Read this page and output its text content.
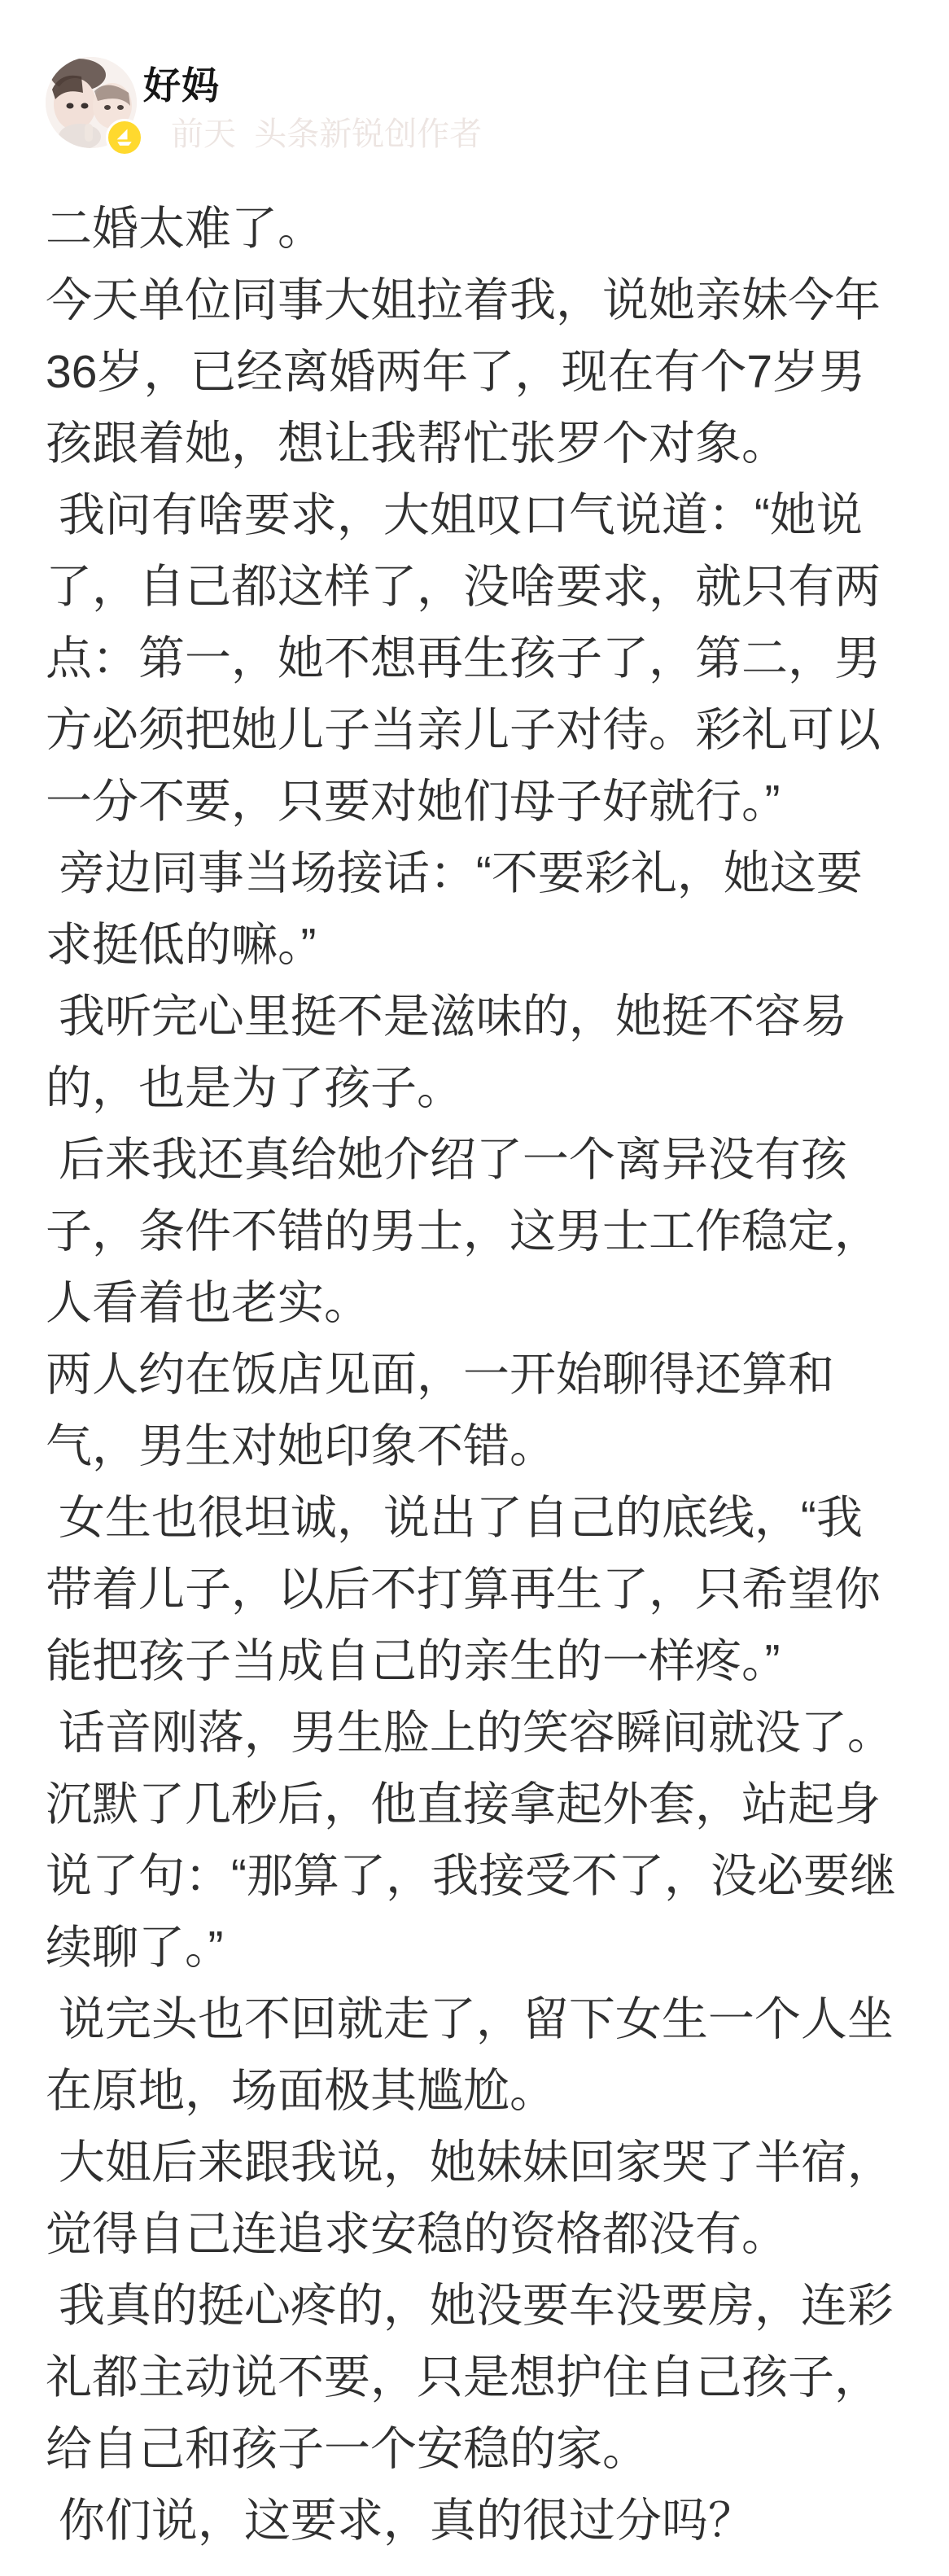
好妈
前天  头条新锐创作者
二婚太难了。
今天单位同事大姐拉着我，说她亲妹今年
36岁，已经离婚两年了，现在有个7岁男
孩跟着她，想让我帮忙张罗个对象。
我问有啥要求，大姐叹口气说道：“她说
了，自己都这样了，没啥要求，就只有两
点：第一，她不想再生孩子了，第二，男
方必须把她儿子当亲儿子对待。彩礼可以
一分不要，只要对她们母子好就行。”
旁边同事当场接话：“不要彩礼，她这要
求挺低的嘛。”
我听完心里挺不是滋味的，她挺不容易
的，也是为了孩子。
后来我还真给她介绍了一个离异没有孩
子，条件不错的男士，这男士工作稳定，
人看着也老实。
两人约在饭店见面，一开始聊得还算和
气，男生对她印象不错。
女生也很坦诚，说出了自己的底线，“我
带着儿子，以后不打算再生了，只希望你
能把孩子当成自己的亲生的一样疼。”
话音刚落，男生脸上的笑容瞬间就没了。
沉默了几秒后，他直接拿起外套，站起身
说了句：“那算了，我接受不了，没必要继
续聊了。”
说完头也不回就走了，留下女生一个人坐
在原地，场面极其尴尬。
大姐后来跟我说，她妹妹回家哭了半宿，
觉得自己连追求安稳的资格都没有。
我真的挺心疼的，她没要车没要房，连彩
礼都主动说不要，只是想护住自己孩子，
给自己和孩子一个安稳的家。
你们说，这要求，真的很过分吗？
